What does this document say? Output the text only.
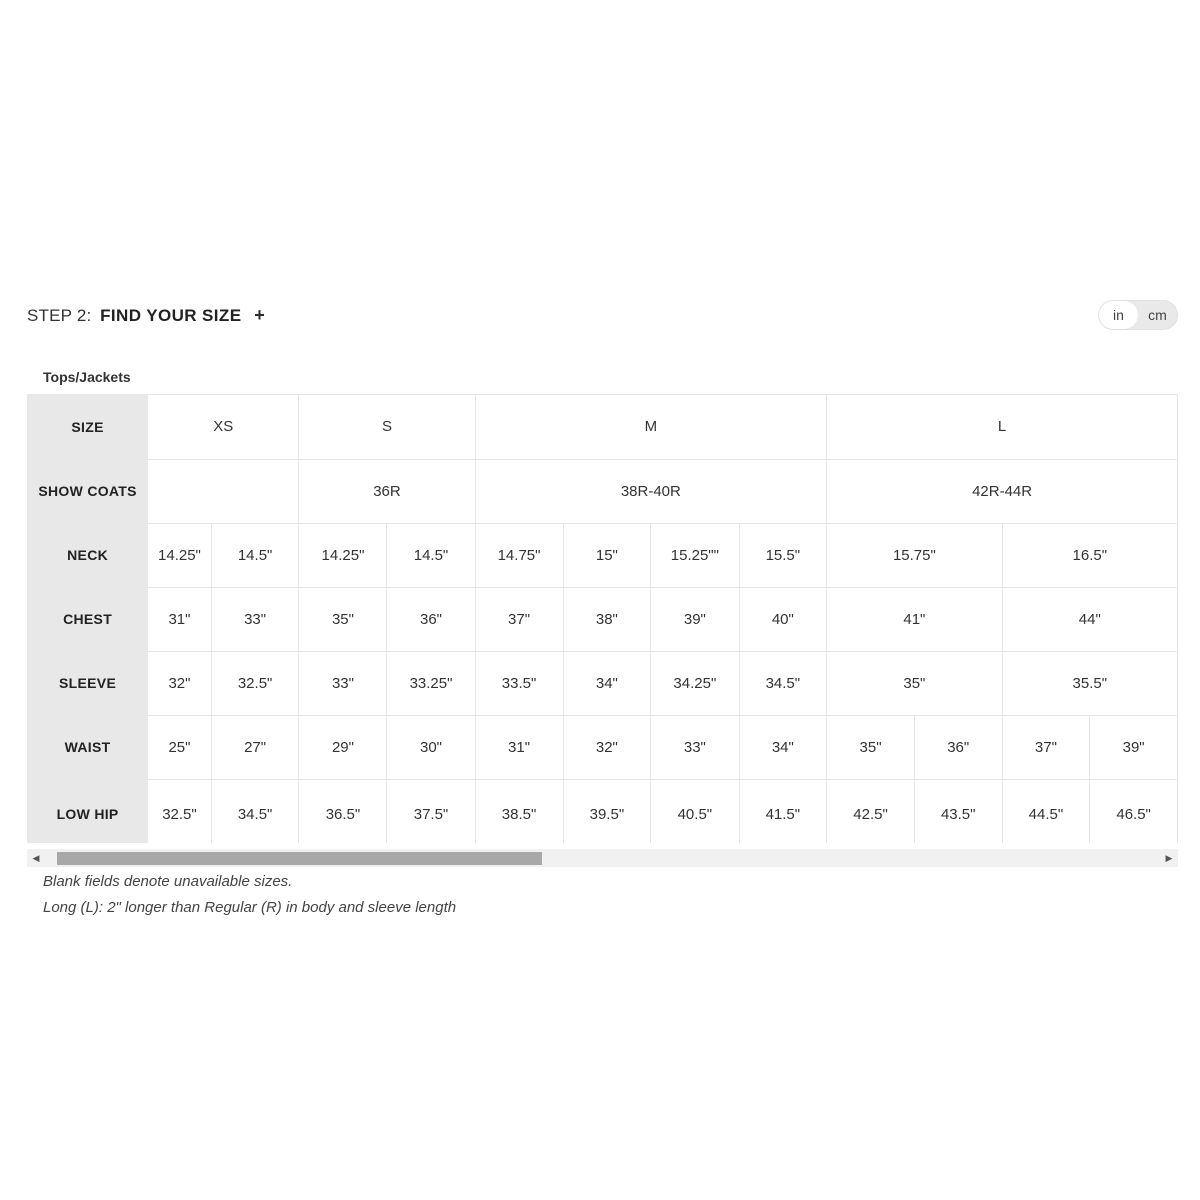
STEP 2: FIND YOUR SIZE +	in	cm
Tops/Jackets
SIZE	XS		S		M				L			
SHOW COATS			36R		38R-40R				42R-44R			
NECK	14.25"	14.5"	14.25"	14.5"	14.75"	15"	15.25""	15.5"	15.75"		16.5"	
CHEST	31"	33"	35"	36"	37"	38"	39"	40"	41"		44"	
SLEEVE	32"	32.5"	33"	33.25"	33.5"	34"	34.25"	34.5"	35"		35.5"	
WAIST	25"	27"	29"	30"	31"	32"	33"	34"	35"	36"	37"	39"
LOW HIP	32.5"	34.5"	36.5"	37.5"	38.5"	39.5"	40.5"	41.5"	42.5"	43.5"	44.5"	46.5"
◀	▶
Blank fields denote unavailable sizes.
Long (L): 2" longer than Regular (R) in body and sleeve length
